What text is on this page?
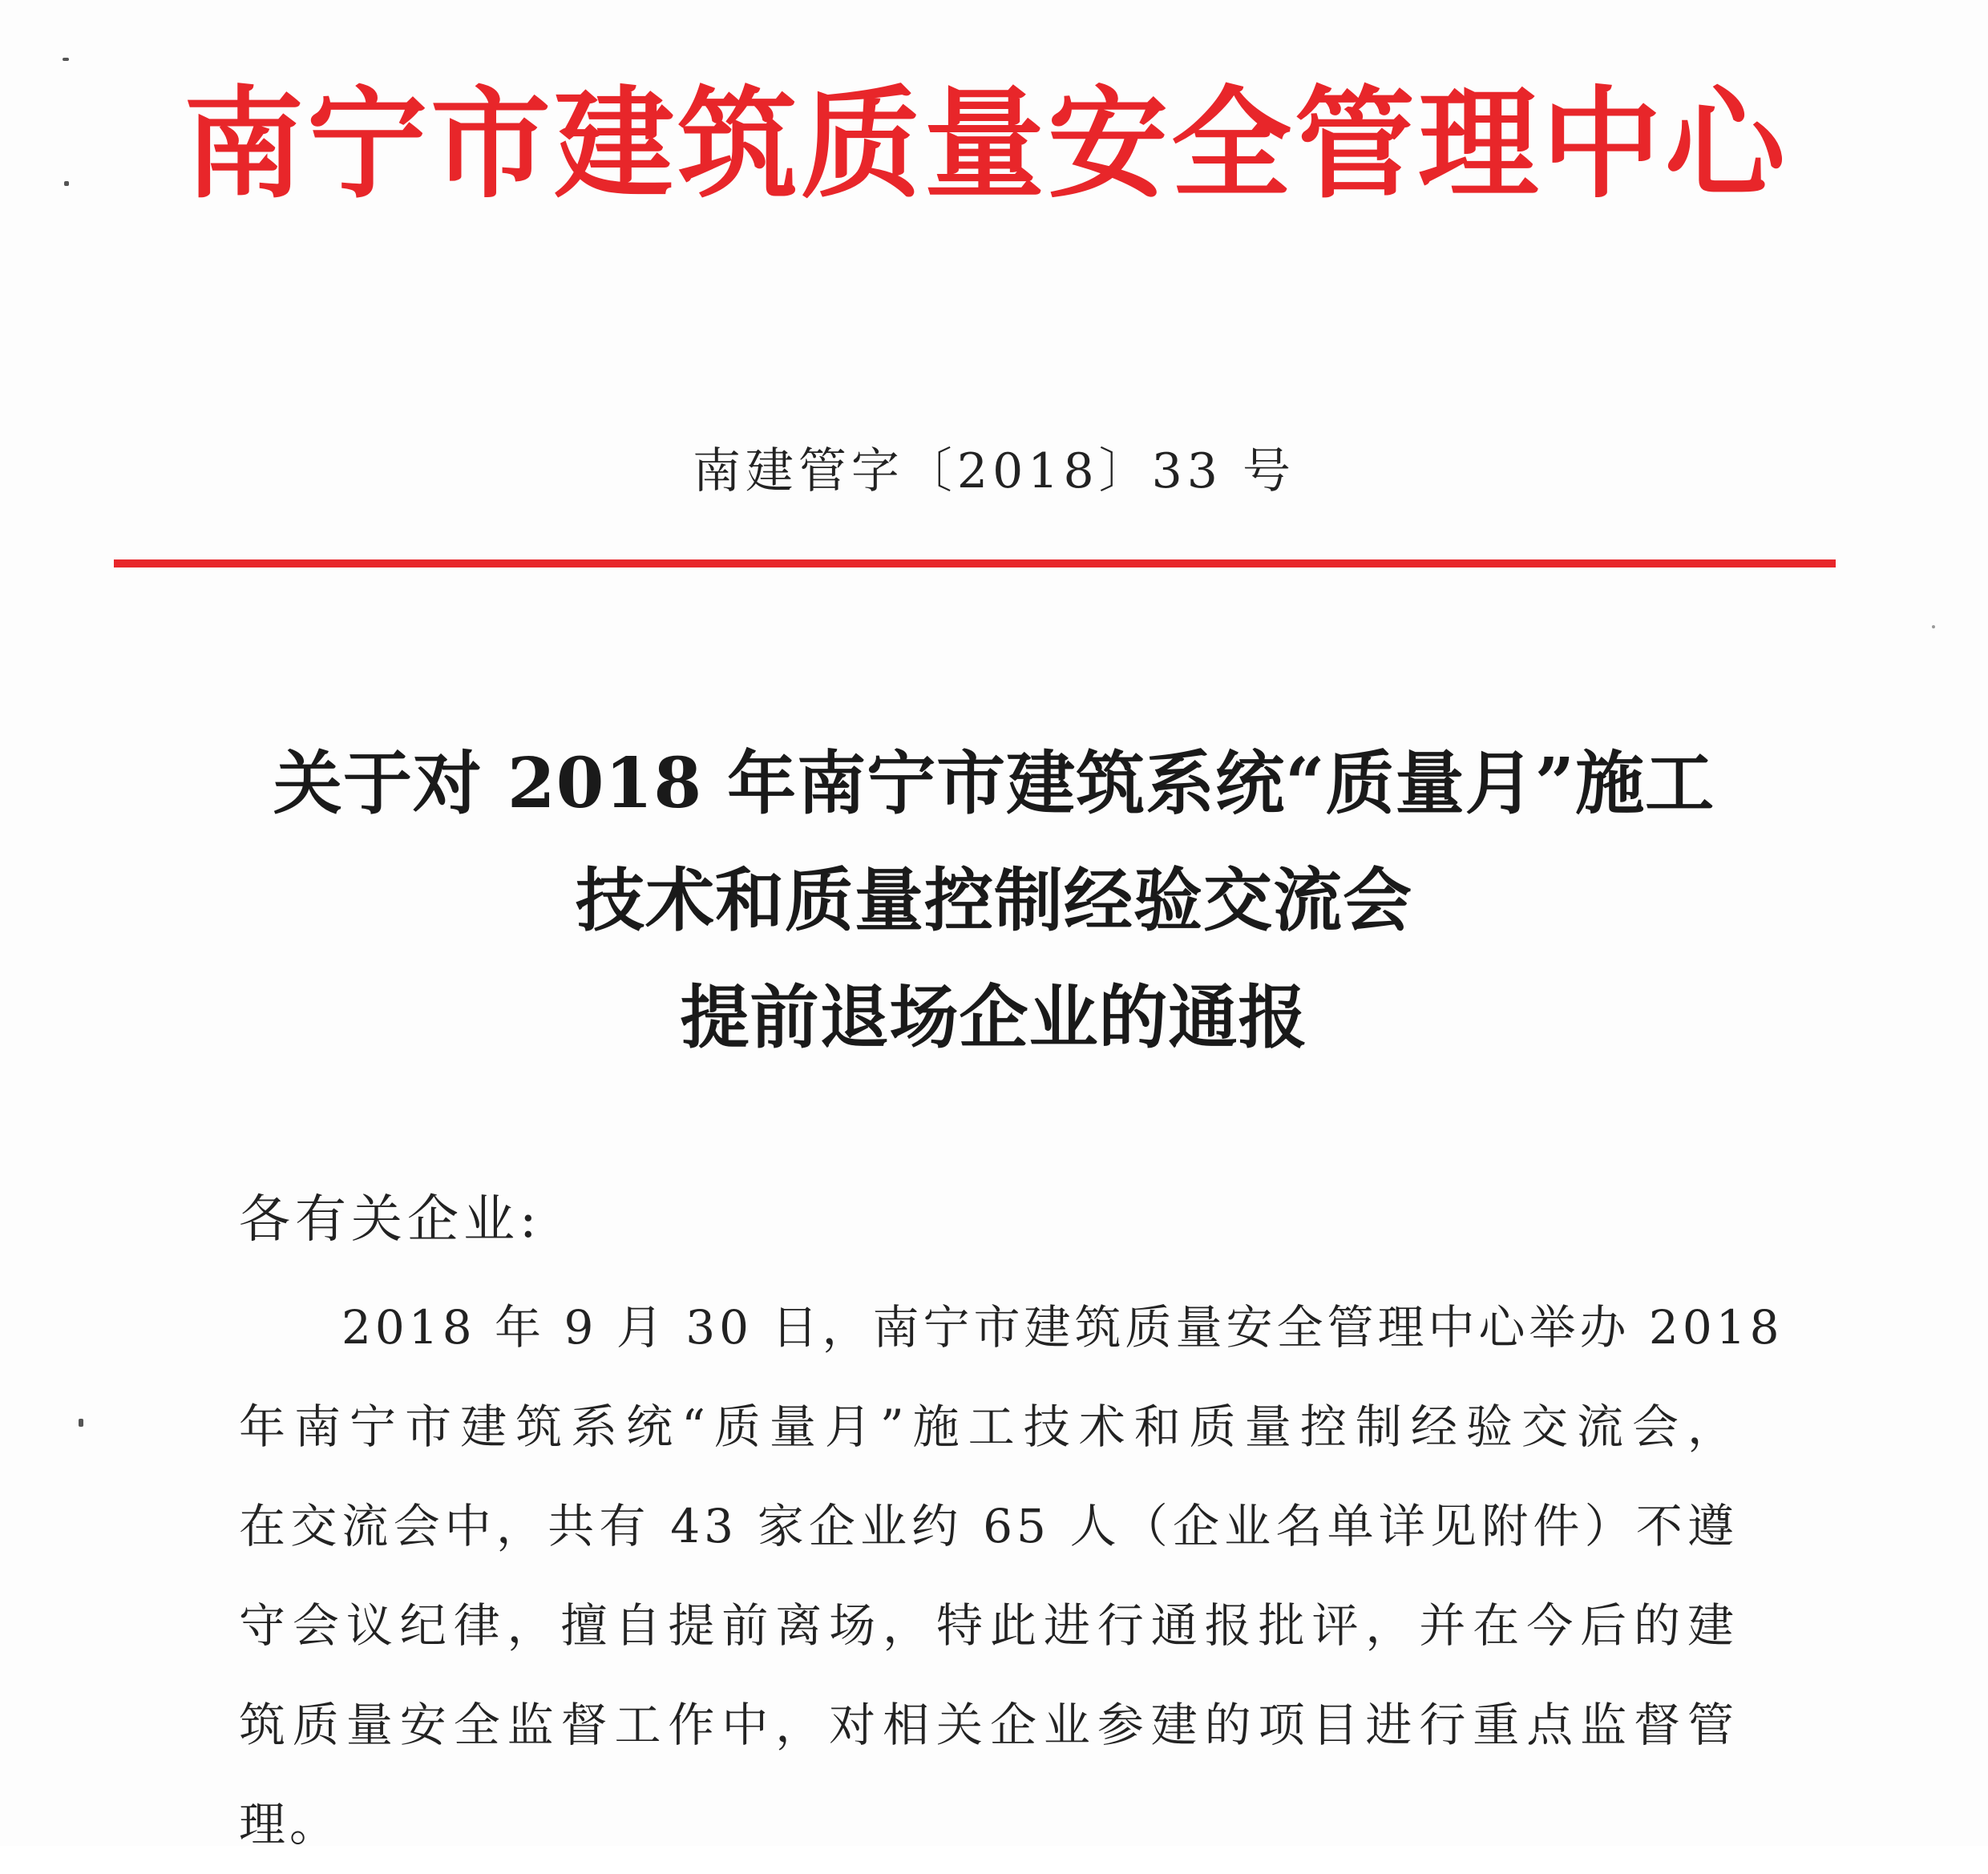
南宁市建筑质量安全管理中心
南建管字〔2018〕33 号
关于对 2018 年南宁市建筑系统“质量月”施工
技术和质量控制经验交流会
提前退场企业的通报
各有关企业:
2018 年 9 月 30 日，南宁市建筑质量安全管理中心举办 2018
年南宁市建筑系统“质量月”施工技术和质量控制经验交流会，
在交流会中，共有 43 家企业约 65 人（企业名单详见附件）不遵
守会议纪律，擅自提前离场，特此进行通报批评，并在今后的建
筑质量安全监督工作中，对相关企业参建的项目进行重点监督管
理。
